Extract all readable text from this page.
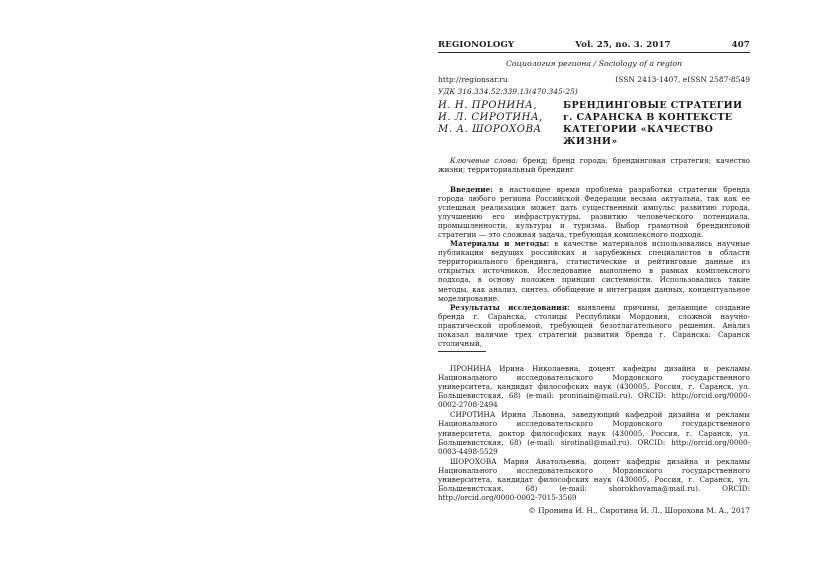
REGIONOLOGY	Vol. 25, no. 3. 2017	407
Социология региона / Sociology of a region
http://regionsar.ru	ISSN 2413-1407, eISSN 2587-8549
УДК 316.334.52:339.13(470.345-25)
И. Н. ПРОНИНА,
И. Л. СИРОТИНА,
М. А. ШОРОХОВА
БРЕНДИНГОВЫЕ СТРАТЕГИИ
г. САРАНСКА В КОНТЕКСТЕ
КАТЕГОРИИ «КАЧЕСТВО ЖИЗНИ»
Ключевые слова: бренд; бренд города; брендинговая стратегия; качество жизни; территориальный брендинг

Введение: в настоящее время проблема разработки стратегии бренда города любого региона Российской Федерации весьма актуальна, так как ее успешная реализация может дать существенный импульс развитию города, улучшению его инфраструктуры, развитию человеческого потенциала, промышленности, культуры и туризма. Выбор грамотной брендинговой стратегии — это сложная задача, требующая комплексного подхода.

Материалы и методы: в качестве материалов использовались научные публикации ведущих российских и зарубежных специалистов в области территориального брендинга, статистические и рейтинговые данные из открытых источников. Исследование выполнено в рамках комплексного подхода, в основу положен принцип системности. Использовались такие методы, как анализ, синтез, обобщение и интеграция данных, концептуальное моделирование.

Результаты исследования: выявлены причины, делающие создание бренда г. Саранска, столицы Республики Мордовия, сложной научно-практической проблемой, требующей безотлагательного решения. Анализ показал наличие трех стратегий развития бренда г. Саранска: Саранск столичный,

ПРОНИНА Ирина Николаевна, доцент кафедры дизайна и рекламы Национального исследовательского Мордовского государственного университета, кандидат философских наук (430005, Россия, г. Саранск, ул. Большевистская, 68) (e-mail: proninain@mail.ru). ORCID: http://orcid.org/0000-0002-2708-2494

СИРОТИНА Ирина Львовна, заведующий кафедрой дизайна и рекламы Национального исследовательского Мордовского государственного университета, доктор философских наук (430005, Россия, г. Саранск, ул. Большевистская, 68) (e-mail: sirotinail@mail.ru). ORCID: http://orcid.org/0000-0003-4498-5529

ШОРОХОВА Мария Анатольевна, доцент кафедры дизайна и рекламы Национального исследовательского Мордовского государственного университета, кандидат философских наук (430005, Россия, г. Саранск, ул. Большевистская, 68) (e-mail: shorokhovama@mail.ru). ORCID: http://orcid.org/0000-0002-7015-3569

© Пронина И. Н., Сиротина И. Л., Шорохова М. А., 2017
